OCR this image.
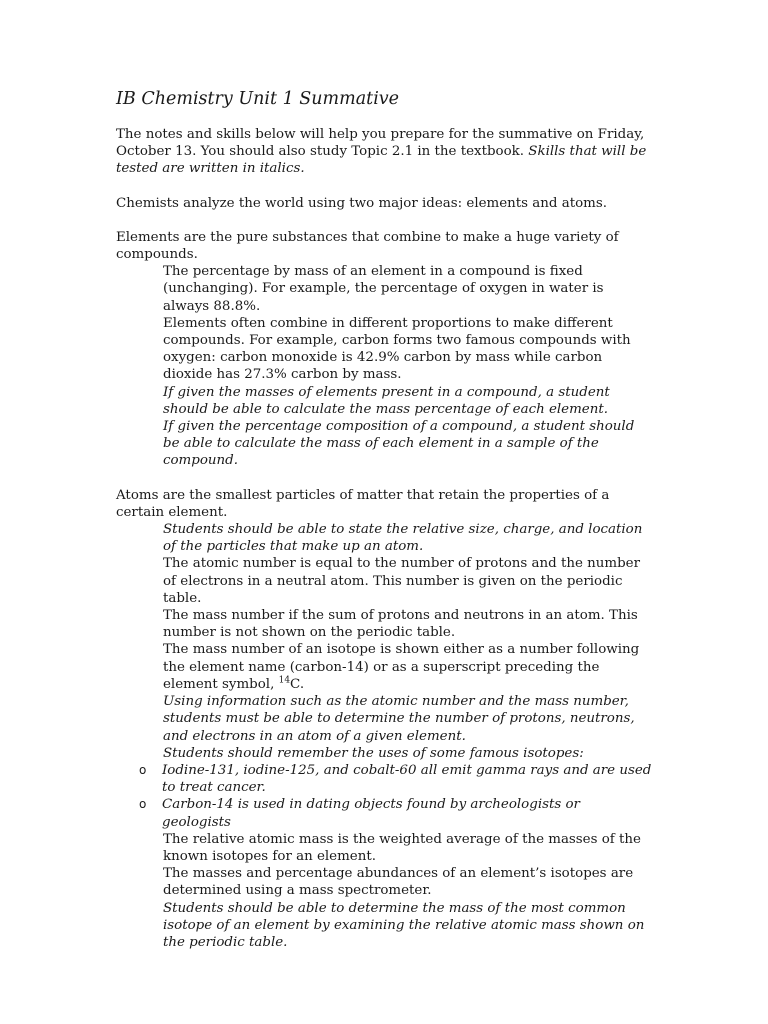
IB Chemistry Unit 1 Summative

The notes and skills below will help you prepare for the summative on Friday, October 13. You should also study Topic 2.1 in the textbook. Skills that will be tested are written in italics.

Chemists analyze the world using two major ideas: elements and atoms.

Elements are the pure substances that combine to make a huge variety of compounds.

The percentage by mass of an element in a compound is fixed (unchanging). For example, the percentage of oxygen in water is always 88.8%.

Elements often combine in different proportions to make different compounds. For example, carbon forms two famous compounds with oxygen: carbon monoxide is 42.9% carbon by mass while carbon dioxide has 27.3% carbon by mass.

If given the masses of elements present in a compound, a student should be able to calculate the mass percentage of each element.

If given the percentage composition of a compound, a student should be able to calculate the mass of each element in a sample of the compound.

Atoms are the smallest particles of matter that retain the properties of a certain element.

Students should be able to state the relative size, charge, and location of the particles that make up an atom.

The atomic number is equal to the number of protons and the number of electrons in a neutral atom. This number is given on the periodic table.

The mass number if the sum of protons and neutrons in an atom. This number is not shown on the periodic table.

The mass number of an isotope is shown either as a number following the element name (carbon-14) or as a superscript preceding the element symbol, $^{14}$C.

Using information such as the atomic number and the mass number, students must be able to determine the number of protons, neutrons, and electrons in an atom of a given element.

Students should remember the uses of some famous isotopes:

o Iodine-131, iodine-125, and cobalt-60 all emit gamma rays and are used to treat cancer.
o Carbon-14 is used in dating objects found by archeologists or geologists

The relative atomic mass is the weighted average of the masses of the known isotopes for an element.

The masses and percentage abundances of an element’s isotopes are determined using a mass spectrometer.

Students should be able to determine the mass of the most common isotope of an element by examining the relative atomic mass shown on the periodic table.
